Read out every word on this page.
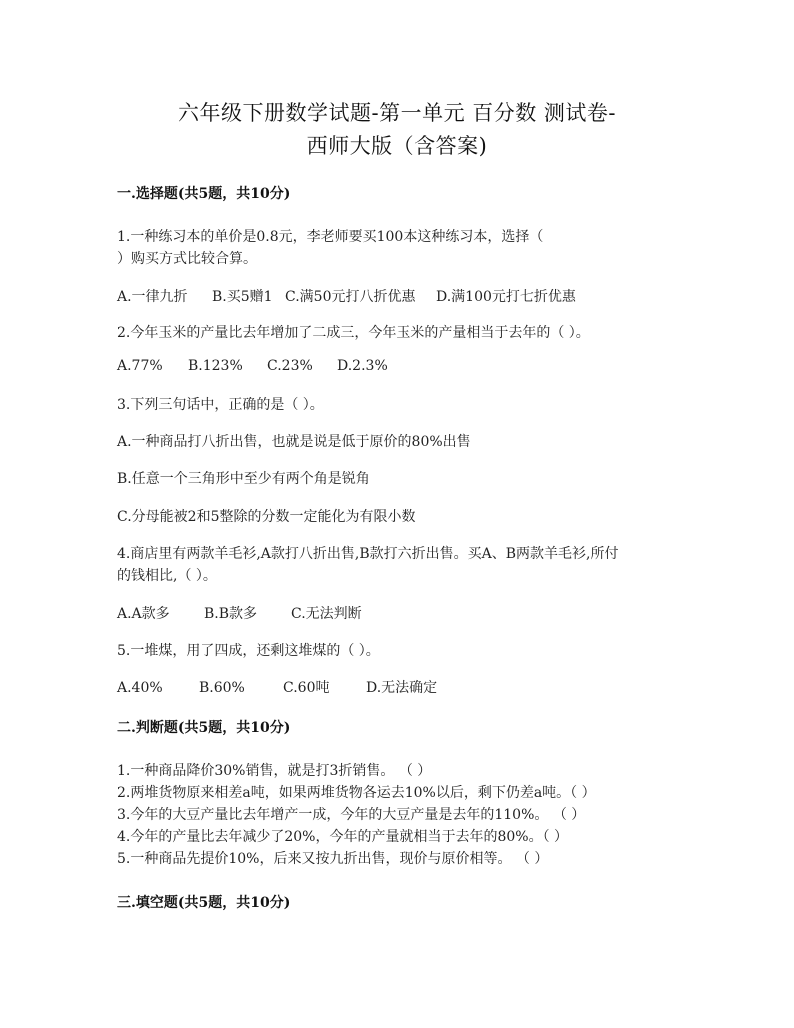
六年级下册数学试题-第一单元 百分数 测试卷-
西师大版（含答案)
一.选择题(共5题，共10分)
1.一种练习本的单价是0.8元，李老师要买100本这种练习本，选择（
）购买方式比较合算。
A.一律九折 B.买5赠1 C.满50元打八折优惠 D.满100元打七折优惠
2.今年玉米的产量比去年增加了二成三，今年玉米的产量相当于去年的（ ）。
A.77% B.123% C.23% D.2.3%
3.下列三句话中，正确的是（ ）。
A.一种商品打八折出售，也就是说是低于原价的80%出售
B.任意一个三角形中至少有两个角是锐角
C.分母能被2和5整除的分数一定能化为有限小数
4.商店里有两款羊毛衫,A款打八折出售,B款打六折出售。买A、B两款羊毛衫,所付
的钱相比,（ ）。
A.A款多 B.B款多 C.无法判断
5.一堆煤，用了四成，还剩这堆煤的（ ）。
A.40%	B.60%	C.60吨	D.无法确定
二.判断题(共5题，共10分)
1.一种商品降价30%销售，就是打3折销售。 （ ）
2.两堆货物原来相差a吨，如果两堆货物各运去10%以后，剩下仍差a吨。（ ）
3.今年的大豆产量比去年增产一成，今年的大豆产量是去年的110%。 （ ）
4.今年的产量比去年减少了20%，今年的产量就相当于去年的80%。（ ）
5.一种商品先提价10%，后来又按九折出售，现价与原价相等。 （ ）
三.填空题(共5题，共10分)
